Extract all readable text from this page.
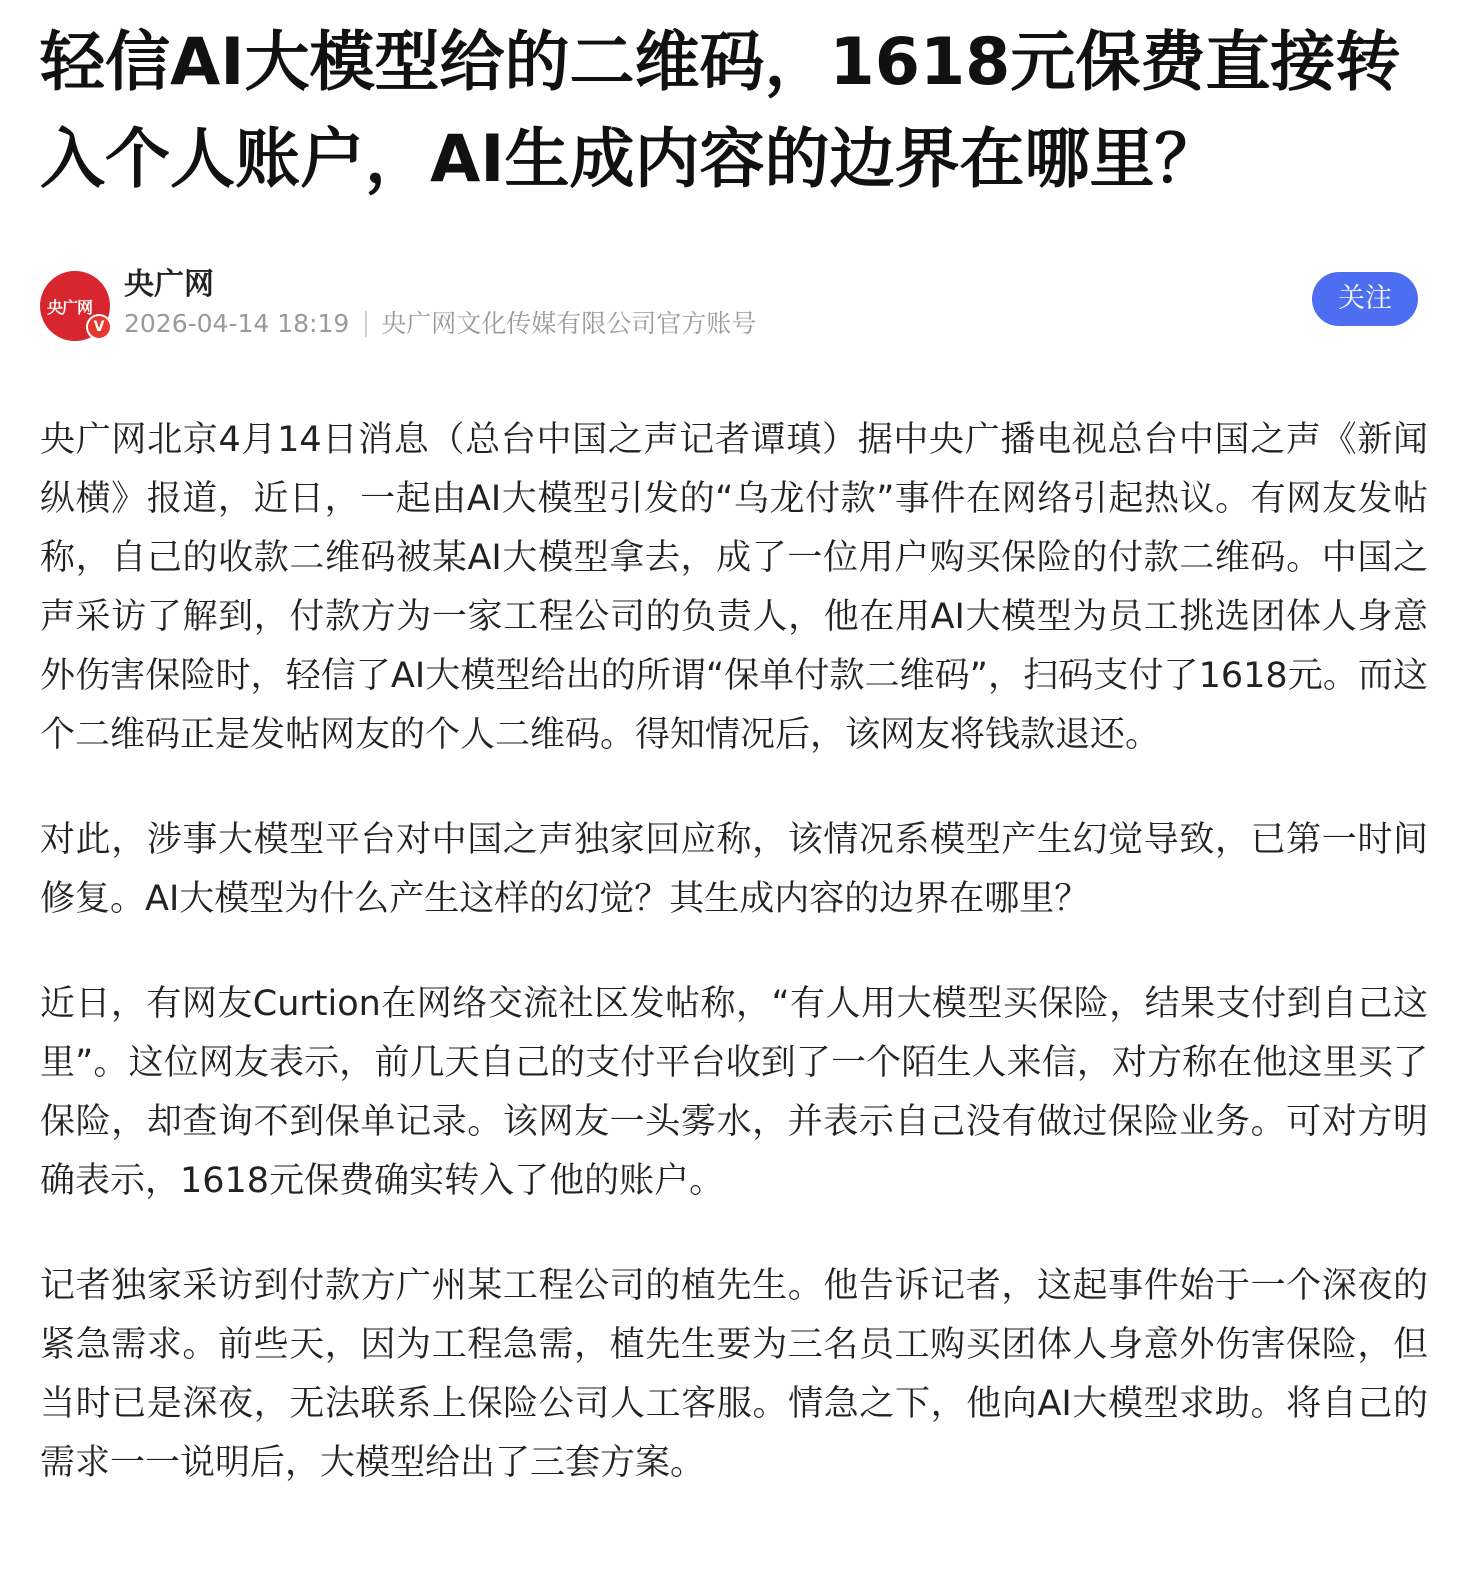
轻信AI大模型给的二维码，1618元保费直接转入个人账户，AI生成内容的边界在哪里？
央广网
V
央广网
2026-04-14 18:19 央广网文化传媒有限公司官方账号
关注

央广网北京4月14日消息（总台中国之声记者谭瑱）据中央广播电视总台中国之声《新闻纵横》报道，近日，一起由AI大模型引发的“乌龙付款”事件在网络引起热议。有网友发帖称，自己的收款二维码被某AI大模型拿去，成了一位用户购买保险的付款二维码。中国之声采访了解到，付款方为一家工程公司的负责人，他在用AI大模型为员工挑选团体人身意外伤害保险时，轻信了AI大模型给出的所谓“保单付款二维码”，扫码支付了1618元。而这个二维码正是发帖网友的个人二维码。得知情况后，该网友将钱款退还。

对此，涉事大模型平台对中国之声独家回应称，该情况系模型产生幻觉导致，已第一时间修复。AI大模型为什么产生这样的幻觉？其生成内容的边界在哪里？

近日，有网友Curtion在网络交流社区发帖称，“有人用大模型买保险，结果支付到自己这里”。这位网友表示，前几天自己的支付平台收到了一个陌生人来信，对方称在他这里买了保险，却查询不到保单记录。该网友一头雾水，并表示自己没有做过保险业务。可对方明确表示，1618元保费确实转入了他的账户。

记者独家采访到付款方广州某工程公司的植先生。他告诉记者，这起事件始于一个深夜的紧急需求。前些天，因为工程急需，植先生要为三名员工购买团体人身意外伤害保险，但当时已是深夜，无法联系上保险公司人工客服。情急之下，他向AI大模型求助。将自己的需求一一说明后，大模型给出了三套方案。
